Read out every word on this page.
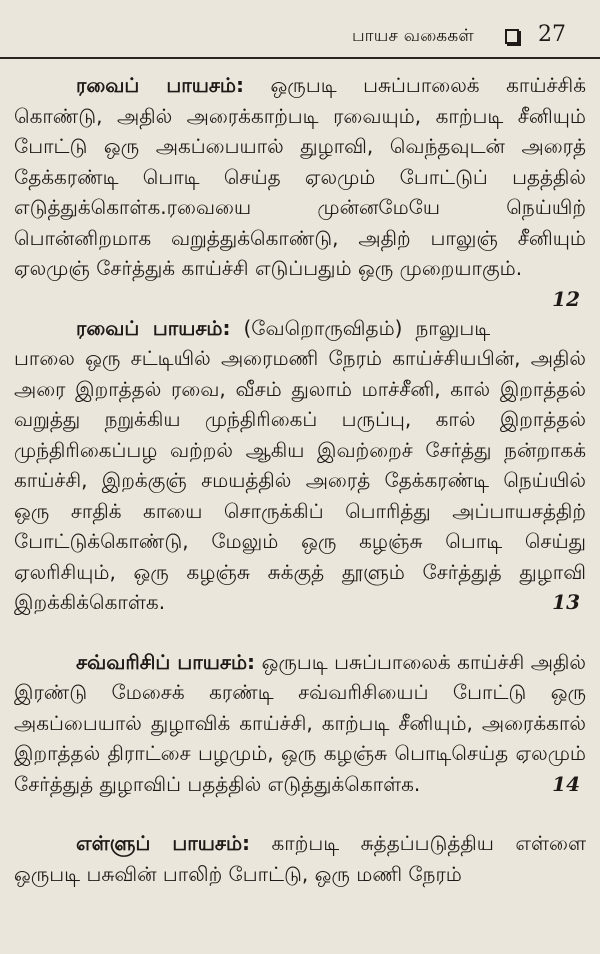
பாயச வகைகள்	27

ரவைப் பாயசம்: ஒருபடி பசுப்பாலைக் காய்ச்சிக் கொண்டு, அதில் அரைக்காற்படி ரவையும், காற்படி சீனியும் போட்டு ஒரு அகப்பையால் துழாவி, வெந்தவுடன் அரைத் தேக்கரண்டி பொடி செய்த ஏலமும் போட்டுப் பதத்தில் எடுத்துக்கொள்க.ரவையை முன்னமேயே நெய்யிற் பொன்னிறமாக வறுத்துக்கொண்டு, அதிற் பாலுஞ் சீனியும் ஏலமுஞ் சேர்த்துக் காய்ச்சி எடுப்பதும் ஒரு முறையாகும்.
12

ரவைப் பாயசம்: (வேறொருவிதம்) நாலுபடி பாலை ஒரு சட்டியில் அரைமணி நேரம் காய்ச்சியபின், அதில் அரை இறாத்தல் ரவை, வீசம் துலாம் மாச்சீனி, கால் இறாத்தல் வறுத்து நறுக்கிய முந்திரிகைப் பருப்பு, கால் இறாத்தல் முந்திரிகைப்பழ வற்றல் ஆகிய இவற்றைச் சேர்த்து நன்றாகக் காய்ச்சி, இறக்குஞ் சமயத்தில் அரைத் தேக்கரண்டி நெய்யில் ஒரு சாதிக் காயை சொருக்கிப் பொரித்து அப்பாயசத்திற் போட்டுக்கொண்டு, மேலும் ஒரு கழஞ்சு பொடி செய்து ஏலரிசியும், ஒரு கழஞ்சு சுக்குத் தூளும் சேர்த்துத் துழாவி இறக்கிக்கொள்க.	13

சவ்வரிசிப் பாயசம்: ஒருபடி பசுப்பாலைக் காய்ச்சி அதில் இரண்டு மேசைக் கரண்டி சவ்வரிசியைப் போட்டு ஒரு அகப்பையால் துழாவிக் காய்ச்சி, காற்படி சீனியும், அரைக்கால் இறாத்தல் திராட்சை பழமும், ஒரு கழஞ்சு பொடிசெய்த ஏலமும் சேர்த்துத் துழாவிப் பதத்தில் எடுத்துக்கொள்க.	14

எள்ளுப் பாயசம்: காற்படி சுத்தப்படுத்திய எள்ளை ஒருபடி பசுவின் பாலிற் போட்டு, ஒரு மணி நேரம்
